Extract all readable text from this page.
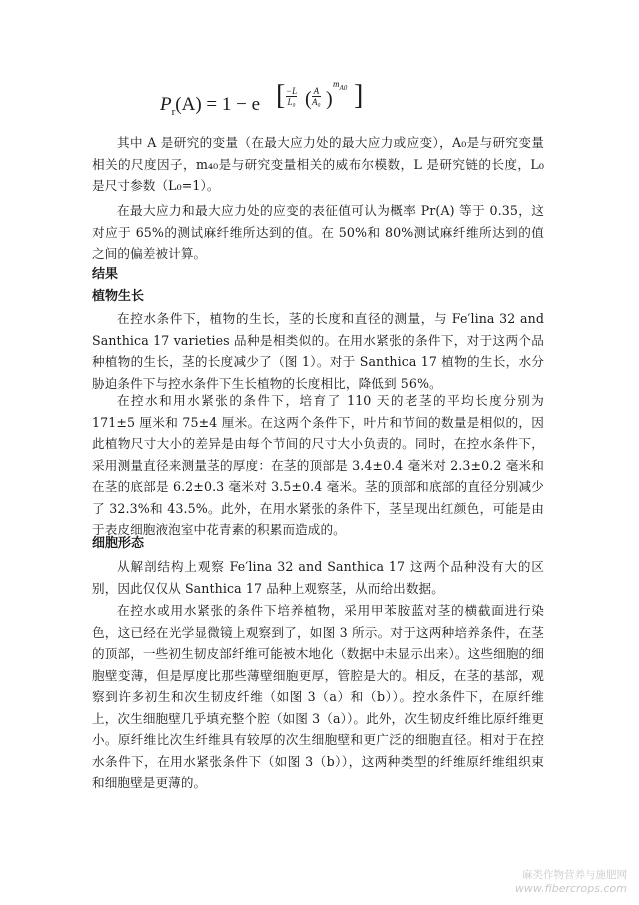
$P_r(A) = 1 - e$ [ $\frac{-L}{\text{L₀}}$ ( $\frac{A}{\text{A₀}}$ )
$m_{A0}$ ]

其中 A 是研究的变量（在最大应力处的最大应力或应变），A₀是与研究变量相关的尺度因子，m₄₀是与研究变量相关的威布尔模数，L 是研究链的长度，L₀是尺寸参数（L₀=1）。

在最大应力和最大应力处的应变的表征值可认为概率 Pr(A) 等于 0.35，这对应于 65%的测试麻纤维所达到的值。在 50%和 80%测试麻纤维所达到的值之间的偏差被计算。

结果

植物生长

在控水条件下，植物的生长，茎的长度和直径的测量，与 Fe′lina 32 and Santhica 17 varieties 品种是相类似的。在用水紧张的条件下，对于这两个品种植物的生长，茎的长度减少了（图 1）。对于 Santhica 17 植物的生长，水分胁迫条件下与控水条件下生长植物的长度相比，降低到 56%。

在控水和用水紧张的条件下，培育了 110 天的老茎的平均长度分别为 171±5 厘米和 75±4 厘米。在这两个条件下，叶片和节间的数量是相似的，因此植物尺寸大小的差异是由每个节间的尺寸大小负责的。同时，在控水条件下，采用测量直径来测量茎的厚度：在茎的顶部是 3.4±0.4 毫米对 2.3±0.2 毫米和在茎的底部是 6.2±0.3 毫米对 3.5±0.4 毫米。茎的顶部和底部的直径分别减少了 32.3%和 43.5%。此外，在用水紧张的条件下，茎呈现出红颜色，可能是由于表皮细胞液泡室中花青素的积累而造成的。

细胞形态

从解剖结构上观察 Fe′lina 32 and Santhica 17 这两个品种没有大的区别，因此仅仅从 Santhica 17 品种上观察茎，从而给出数据。

在控水或用水紧张的条件下培养植物，采用甲苯胺蓝对茎的横截面进行染色，这已经在光学显微镜上观察到了，如图 3 所示。对于这两种培养条件，在茎的顶部，一些初生韧皮部纤维可能被木地化（数据中未显示出来）。这些细胞的细胞壁变薄，但是厚度比那些薄壁细胞更厚，管腔是大的。相反，在茎的基部，观察到许多初生和次生韧皮纤维（如图 3（a）和（b））。控水条件下，在原纤维上，次生细胞壁几乎填充整个腔（如图 3（a））。此外，次生韧皮纤维比原纤维更小。原纤维比次生纤维具有较厚的次生细胞壁和更广泛的细胞直径。相对于在控水条件下，在用水紧张条件下（如图 3（b）），这两种类型的纤维原纤维组织束和细胞壁是更薄的。

麻类作物营养与施肥网
www.fibercrops.com
